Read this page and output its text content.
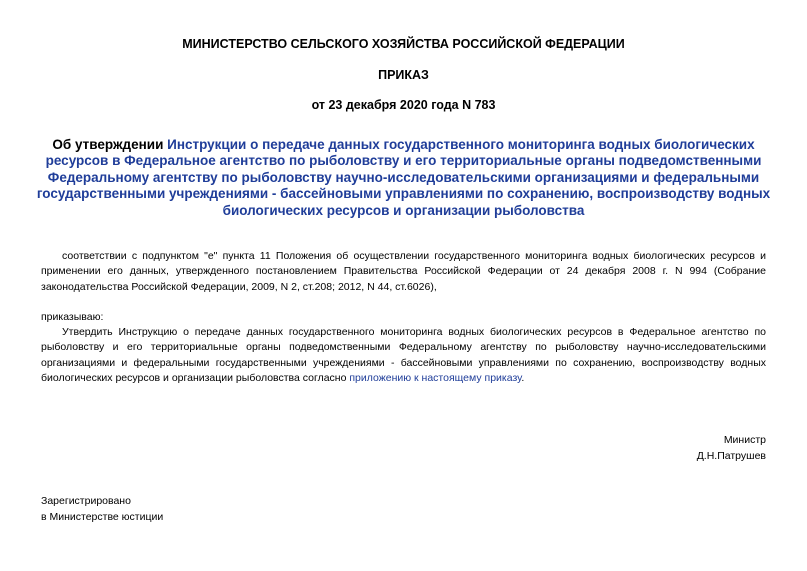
МИНИСТЕРСТВО СЕЛЬСКОГО ХОЗЯЙСТВА РОССИЙСКОЙ ФЕДЕРАЦИИ
ПРИКАЗ
от 23 декабря 2020 года N 783
Об утверждении Инструкции о передаче данных государственного мониторинга водных биологических ресурсов в Федеральное агентство по рыболовству и его территориальные органы подведомственными Федеральному агентству по рыболовству научно-исследовательскими организациями и федеральными государственными учреждениями - бассейновыми управлениями по сохранению, воспроизводству водных биологических ресурсов и организации рыболовства
соответствии с подпунктом "е" пункта 11 Положения об осуществлении государственного мониторинга водных биологических ресурсов и применении его данных, утвержденного постановлением Правительства Российской Федерации от 24 декабря 2008 г. N 994 (Собрание законодательства Российской Федерации, 2009, N 2, ст.208; 2012, N 44, ст.6026),
приказываю:
Утвердить Инструкцию о передаче данных государственного мониторинга водных биологических ресурсов в Федеральное агентство по рыболовству и его территориальные органы подведомственными Федеральному агентству по рыболовству научно-исследовательскими организациями и федеральными государственными учреждениями - бассейновыми управлениями по сохранению, воспроизводству водных биологических ресурсов и организации рыболовства согласно приложению к настоящему приказу.
Министр
Д.Н.Патрушев
Зарегистрировано
в Министерстве юстиции
